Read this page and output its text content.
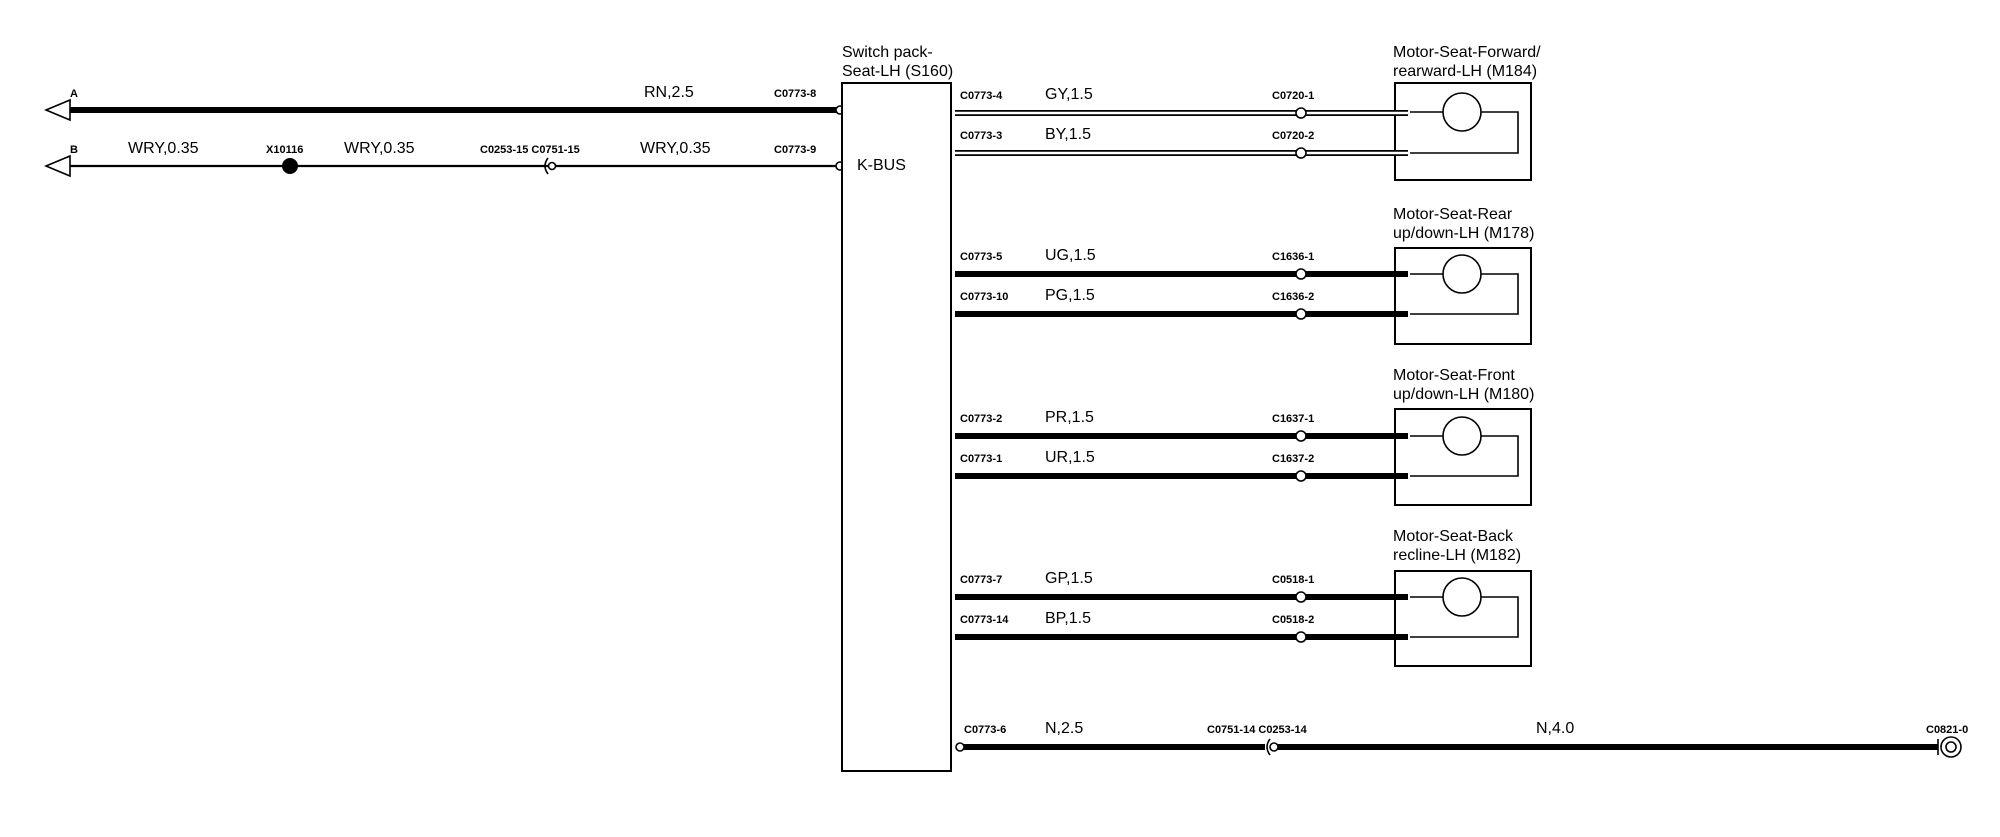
A	RN,2.5	C0773-8
B	WRY,0.35	X10116	WRY,0.35	C0253-15 C0751-15	WRY,0.35	C0773-9
Switch pack-
Seat-LH (S160)
K-BUS
Motor-Seat-Forward/
rearward-LH (M184)
C0773-4	GY,1.5	C0720-1
C0773-3	BY,1.5	C0720-2
Motor-Seat-Rear
up/down-LH (M178)
C0773-5	UG,1.5	C1636-1
C0773-10 PG,1.5	C1636-2
Motor-Seat-Front
up/down-LH (M180)
C0773-2	PR,1.5	C1637-1
C0773-1	UR,1.5	C1637-2
Motor-Seat-Back
recline-LH (M182)
C0773-7	GP,1.5	C0518-1
C0773-14 BP,1.5	C0518-2
C0773-6 N,2.5	C0751-14 C0253-14	N,4.0	C0821-0
